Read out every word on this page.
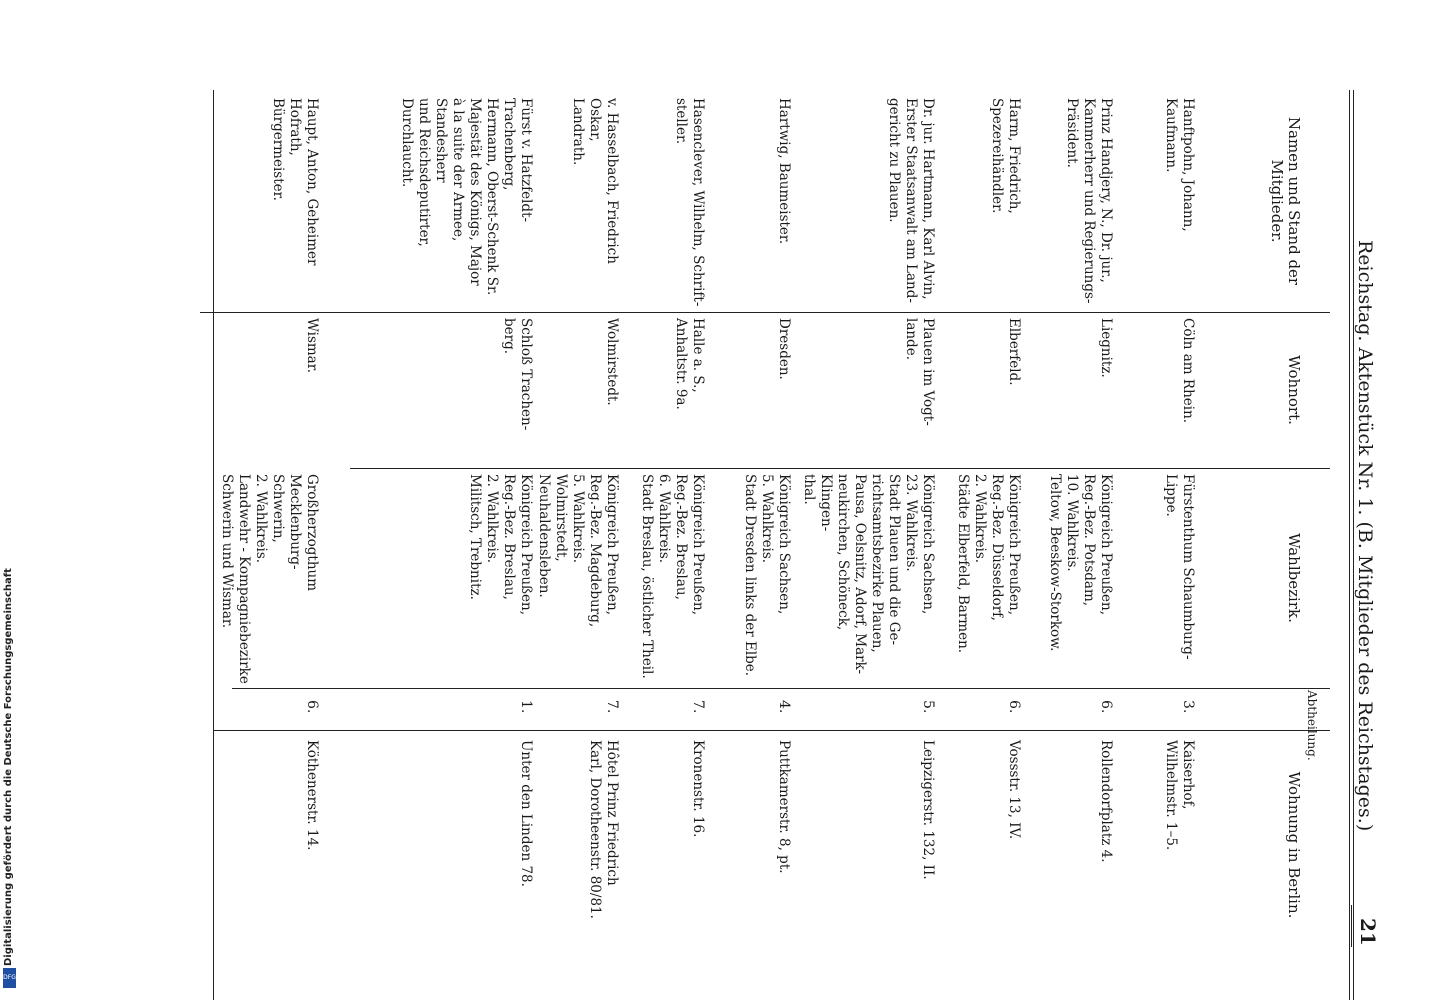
21
Reichstag. Aktenstück Nr. 1. (B. Mitglieder des Reichstages.)
Namen und Stand der Mitglieder.
Wohnort.
Wahlbezirk.
Abtheilung.
Wohnung in Berlin.
Hanftpohn, Johann, Kaufmann.
Cöln am Rhein.
Fürstenthum Schaumburg-
Lippe.
3.
Kaiserhof,
Wilhelmstr. 1–5.
Prinz Handjery, N., Dr. jur.,
Kammerherr und Regierungs-
Präsident.
Liegnitz.
Königreich Preußen,
Reg.-Bez. Potsdam,
10. Wahlkreis.
Teltow, Beeskow-Storkow.
6.
Rollendorfplatz 4.
Harm, Friedrich, Spezereihändler.
Elberfeld.
Königreich Preußen,
Reg.-Bez. Düsseldorf,
2. Wahlkreis.
Städte Elberfeld, Barmen.
6.
Vossstr. 13, IV.
Dr. jur. Hartmann, Karl Alvin,
Erster Staatsanwalt am Land-
gericht zu Plauen.
Plauen im Vogt-
lande.
Königreich Sachsen,
23. Wahlkreis.
Stadt Plauen und die Ge-
richtsamtsbezirke Plauen,
Pausa, Oelsnitz, Adorf, Mark-
neukirchen, Schöneck, Klingen-
thal.
5.
Leipzigerstr. 132, II.
Hartwig, Baumeister.
Dresden.
Königreich Sachsen,
5. Wahlkreis.
Stadt Dresden links der Elbe.
4.
Puttkamerstr. 8, pt.
Hasenclever, Wilhelm, Schrift-
steller.
Halle a. S.,
Anhaltstr. 9a.
Königreich Preußen,
Reg.-Bez. Breslau,
6. Wahlkreis.
Stadt Breslau, östlicher Theil.
7.
Kronenstr. 16.
v. Hasselbach, Friedrich Oskar,
Landrath.
Wolmirstedt.
Königreich Preußen,
Reg.-Bez. Magdeburg,
5. Wahlkreis.
Wolmirstedt, Neuhaldensleben.
7.
Hôtel Prinz Friedrich
Karl, Dorotheenstr. 80/81.
Fürst v. Hatzfeldt-Trachenberg,
Hermann, Oberst-Schenk Sr.
Majestät des Königs, Major
à la suite der Armee, Standesherr
und Reichsdeputirter, Durchlaucht.
Schloß Trachen-
berg.
Königreich Preußen,
Reg.-Bez. Breslau,
2. Wahlkreis.
Militsch, Trebnitz.
1.
Unter den Linden 78.
Haupt, Anton, Geheimer Hofrath,
Bürgermeister.
Wismar.
Großherzogthum Mecklenburg-
Schwerin,
2. Wahlkreis.
Landwehr - Kompagniebezirke
Schwerin und Wismar.
6.
Köthenerstr. 14.
Digitalisierung gefördert durch die Deutsche Forschungsgemeinschaft
DFG
